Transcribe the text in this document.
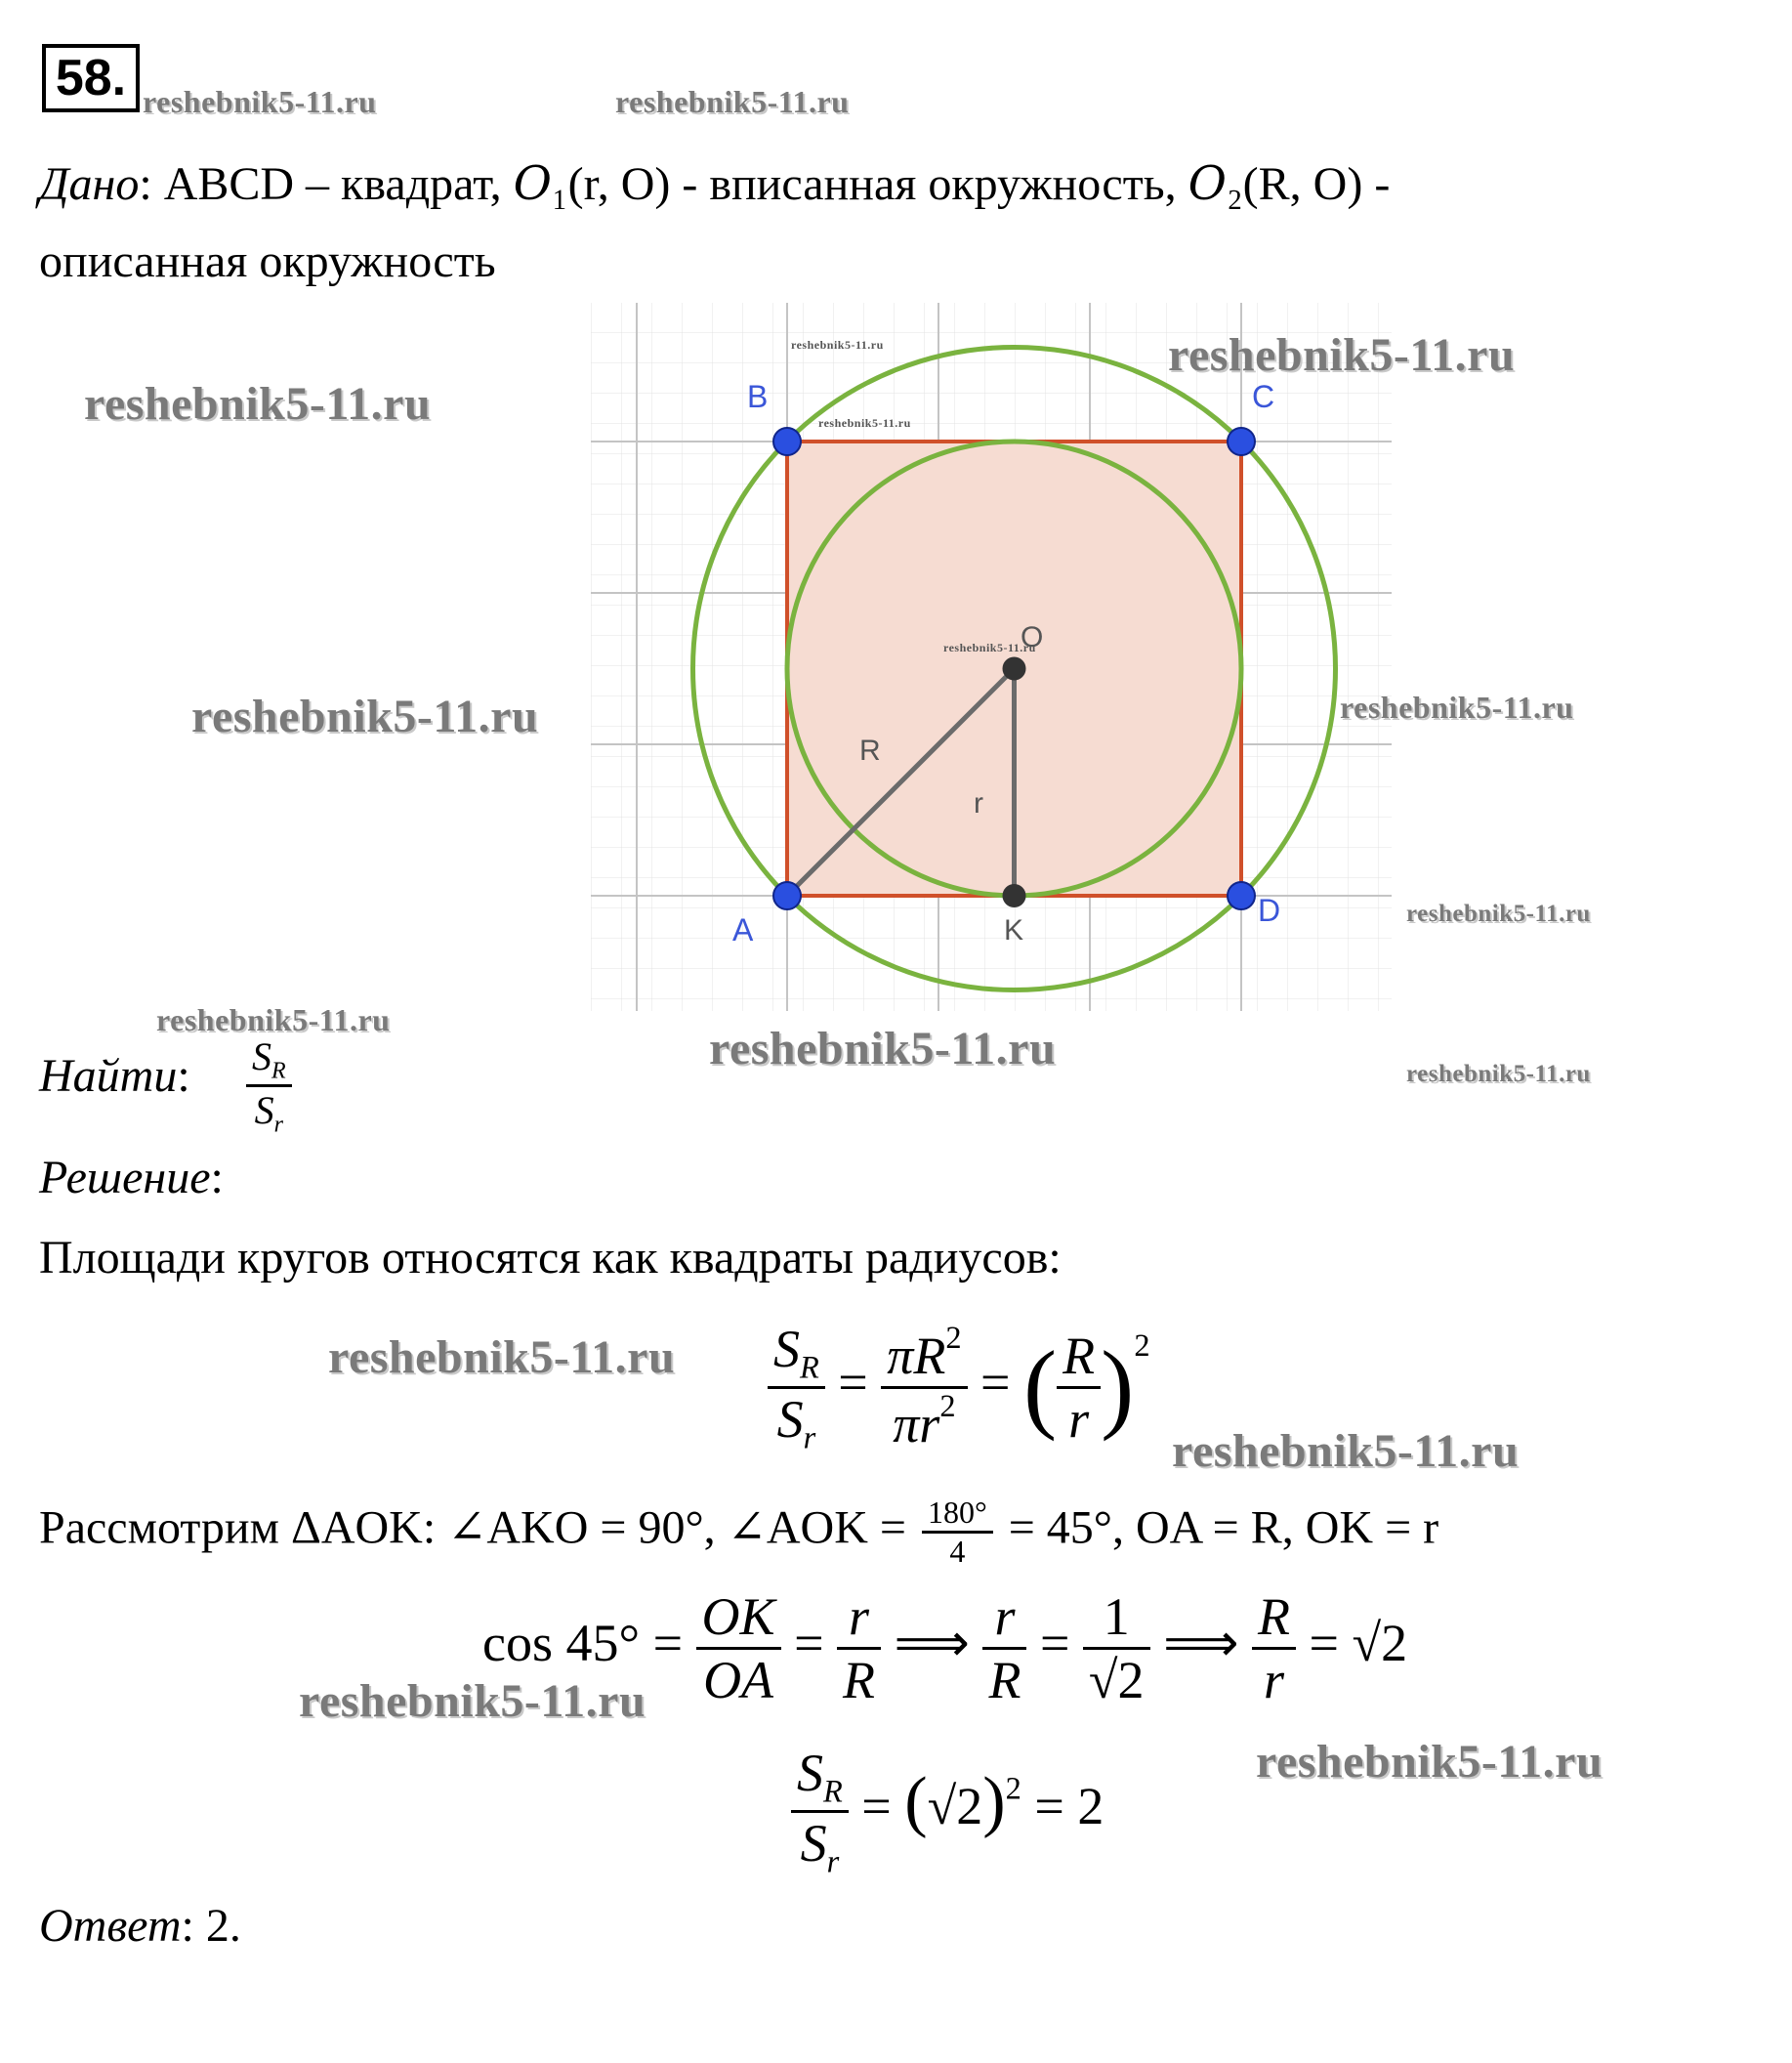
58. reshebnik5-11.ru	reshebnik5-11.ru
Дано: ABCD – квадрат, 𝑂₁(r, O) - вписанная окружность, 𝑂₂(R, O) -
описанная окружность
B	C
A
D
O
K
R
r
reshebnik5-11.ru
reshebnik5-11.ru
reshebnik5-11.ru
reshebnik5-11.ru
reshebnik5-11.ru
reshebnik5-11.ru	reshebnik5-11.ru
reshebnik5-11.ru
reshebnik5-11.ru
reshebnik5-11.ru	reshebnik5-11.ru
Найти: $\frac{S_R}{S_r}$
Решение:
Площади кругов относятся как квадраты радиусов:
$\frac{S_R}{S_r} = \frac{\pi R^2}{\pi r^2}$ = ( $\frac{R}{r} )^2$
reshebnik5-11.ru
reshebnik5-11.ru
Рассмотрим ΔAOK: ∠AKO = 90°, ∠AOK = $\frac{180^\circ}{4} = 45^\circ$, OA = R, OK = r
$\cos 45^\circ = \frac{OK}{OA} = \frac{r}{R}$ ⟹ $\frac{r}{R} = \frac{1}{√2}$ ⟹ $\frac{R}{r} = √2$
reshebnik5-11.ru
reshebnik5-11.ru
$\frac{S_R}{S_r} = (√2)^2 = 2$
Ответ: 2.
